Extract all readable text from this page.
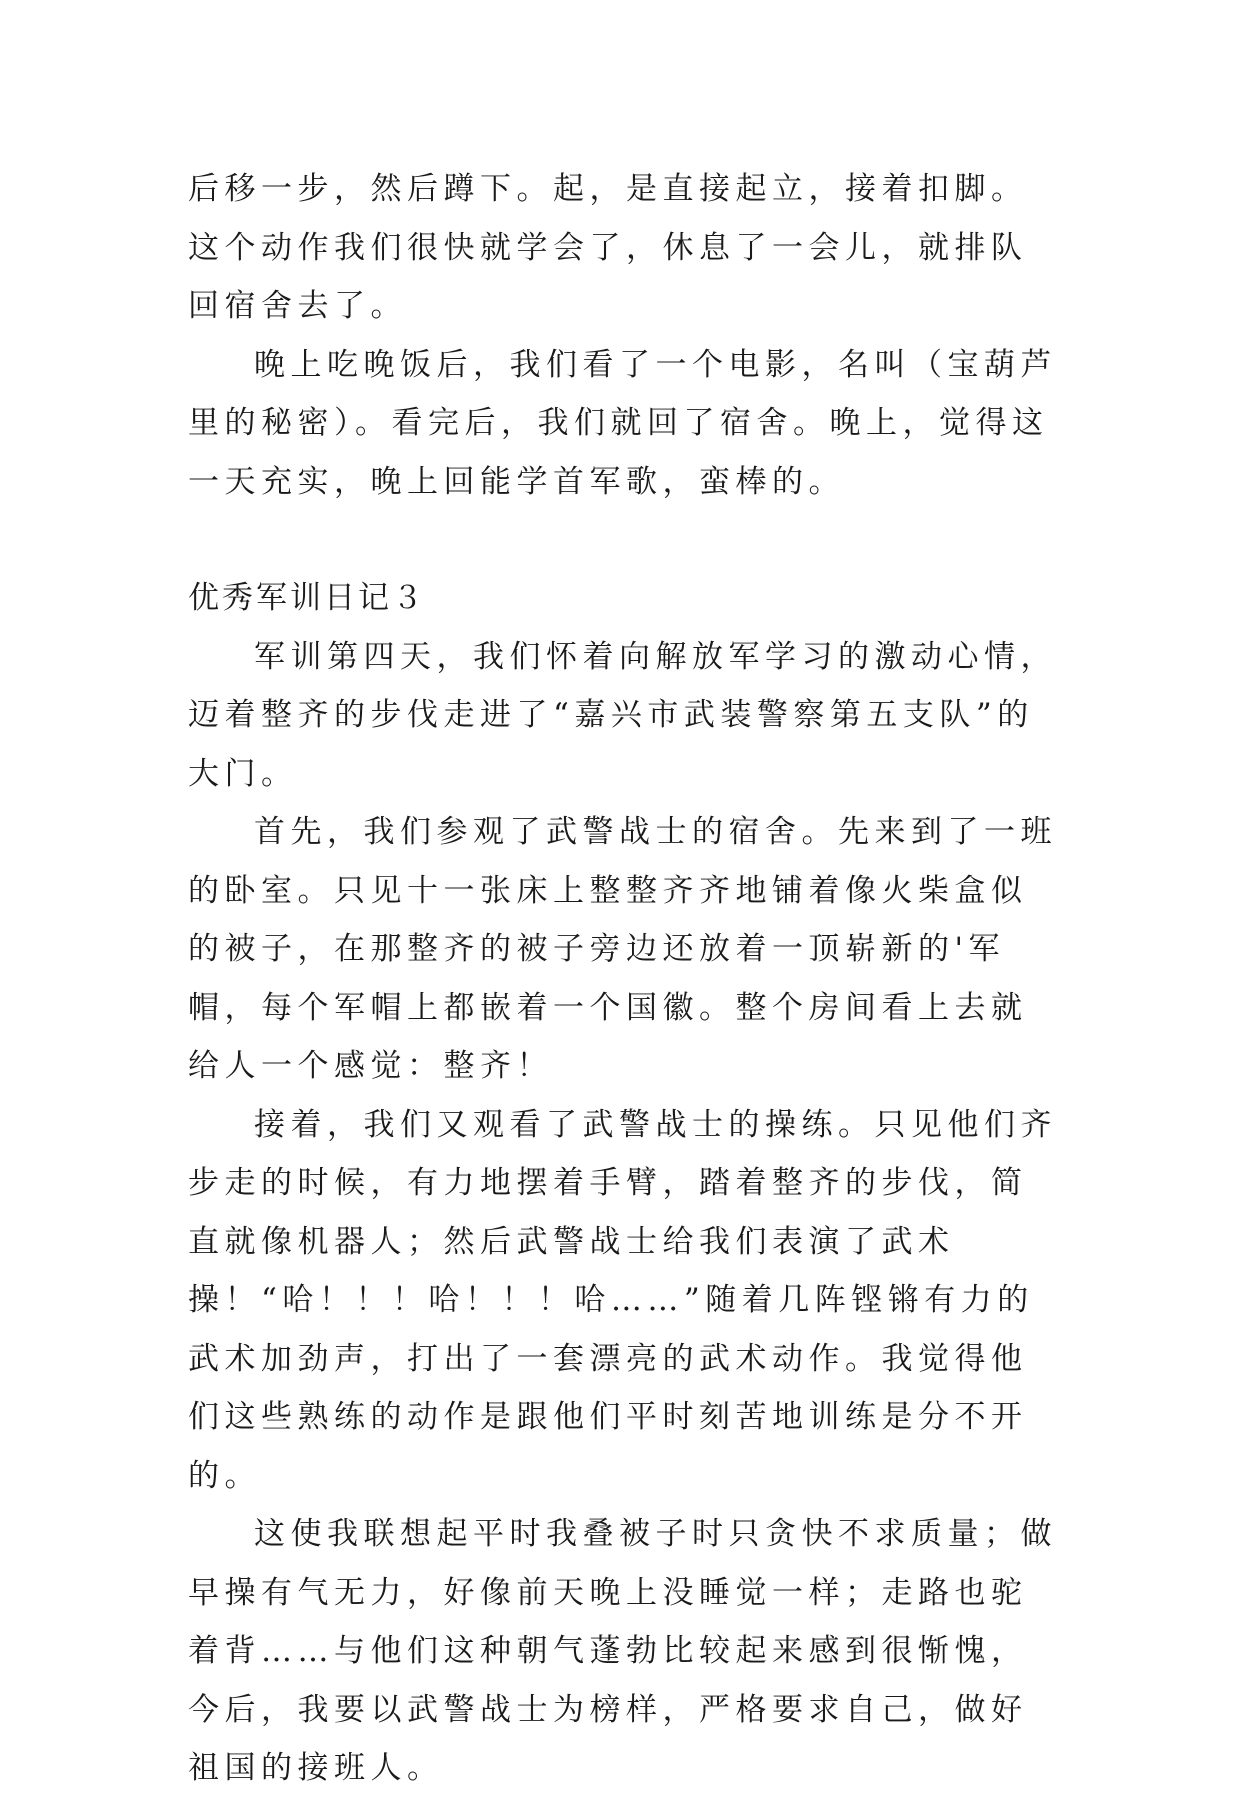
后移一步，然后蹲下。起，是直接起立，接着扣脚。这个动作我们很快就学会了，休息了一会儿，就排队回宿舍去了。

晚上吃晚饭后，我们看了一个电影，名叫（宝葫芦里的秘密）。看完后，我们就回了宿舍。晚上，觉得这一天充实，晚上回能学首军歌，蛮棒的。

优秀军训日记３

军训第四天，我们怀着向解放军学习的激动心情，迈着整齐的步伐走进了“嘉兴市武装警察第五支队”的大门。

首先，我们参观了武警战士的宿舍。先来到了一班的卧室。只见十一张床上整整齐齐地铺着像火柴盒似的被子，在那整齐的被子旁边还放着一顶崭新的'军帽，每个军帽上都嵌着一个国徽。整个房间看上去就给人一个感觉：整齐！

接着，我们又观看了武警战士的操练。只见他们齐步走的时候，有力地摆着手臂，踏着整齐的步伐，简直就像机器人；然后武警战士给我们表演了武术操！“哈！！！哈！！！哈……”随着几阵铿锵有力的武术加劲声，打出了一套漂亮的武术动作。我觉得他们这些熟练的动作是跟他们平时刻苦地训练是分不开的。

这使我联想起平时我叠被子时只贪快不求质量；做早操有气无力，好像前天晚上没睡觉一样；走路也驼着背……与他们这种朝气蓬勃比较起来感到很惭愧，今后，我要以武警战士为榜样，严格要求自己，做好祖国的接班人。
